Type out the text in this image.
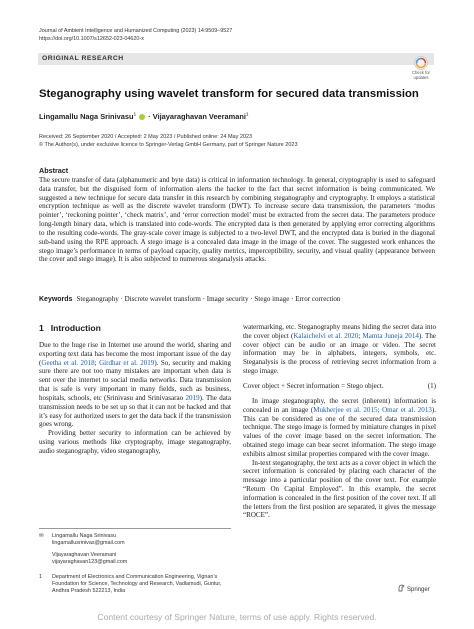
Journal of Ambient Intelligence and Humanized Computing (2023) 14:9509–9527
https://doi.org/10.1007/s12652-023-04620-x
ORIGINAL RESEARCH
Check for
updates
Steganography using wavelet transform for secured data transmission
Lingamallu Naga Srinivasu$^1$  · Vijayaraghavan Veeramani$^1$
Received: 26 September 2020 / Accepted: 2 May 2023 / Published online: 24 May 2023
© The Author(s), under exclusive licence to Springer-Verlag GmbH Germany, part of Springer Nature 2023
Abstract
The secure transfer of data (alphanumeric and byte data) is critical in information technology. In general, cryptography is used to safeguard data transfer, but the disguised form of information alerts the hacker to the fact that secret information is being communicated. We suggested a new technique for secure data transfer in this research by combining steganography and cryptography. It employs a statistical encryption technique as well as the discrete wavelet transform (DWT). To increase secure data transmission, the parameters ‘modus pointer’, ‘reckoning pointer’, ‘check matrix’, and ‘error correction model’ must be extracted from the secret data. The parameters produce long-length binary data, which is translated into code-words. The encrypted data is then generated by applying error correcting algorithms to the resulting code-words. The gray-scale cover image is subjected to a two-level DWT, and the encrypted data is buried in the diagonal sub-band using the RPE approach. A stego image is a concealed data image in the image of the cover. The suggested work enhances the stego image’s performance in terms of payload capacity, quality metrics, imperceptibility, security, and visual quality (appearance between the cover and stego image). It is also subjected to numerous steganalysis attacks.
Keywords Steganography · Discrete wavelet transform · Image security · Stego image · Error correction
1 Introduction

Due to the huge rise in Internet use around the world, sharing and exporting text data has become the most important issue of the day (Geetha et al. 2018; Girdhar et al. 2019). So, security and making sure there are not too many mistakes are important when data is sent over the internet to social media networks. Data transmission that is safe is very important in many fields, such as business, hospitals, schools, etc (Srinivasu and Srinivasarao 2019). The data transmission needs to be set up so that it can not be hacked and that it’s easy for authorized users to get the data back if the transmission goes wrong.

Providing better security to information can be achieved by using various methods like cryptography, image steganography, audio steganography, video steganography,

watermarking, etc. Steganography means hiding the secret data into the cover object (Kalaichelvi et al. 2020; Mamta Juneja 2014). The cover object can be audio or an image or video. The secret information may be in alphabets, integers, symbols, etc. Steganalysis is the process of retrieving secret information from a stego image.

Cover object + Secret information = Stego object.	(1)

In image steganography, the secret (inherent) information is concealed in an image (Mukherjee et al. 2015; Omar et al. 2013). This can be considered as one of the secured data transmission technique. The stego image is formed by miniature changes in pixel values of the cover image based on the secret information. The obtained stego image can bear secret information. The stego image exhibits almost similar properties compared with the cover image.

In-text steganography, the text acts as a cover object in which the secret information is concealed by placing each character of the message into a particular position of the cover text. For example “Return On Capital Employed”. In this example, the secret information is concealed in the first position of the cover text. If all the letters from the first position are separated, it gives the message “ROCE”.

✉	Lingamallu Naga Srinivasu
lingamallusrinivas@gmail.com
Vijayaraghavan Veeramani
vijayaraghavan123@gmail.com
1	Department of Electronics and Communication Engineering, Vignan’s Foundation for Science, Technology and Research, Vadlamudi, Guntur, Andhra Pradesh 522213, India	Springer
Content courtesy of Springer Nature, terms of use apply. Rights reserved.
